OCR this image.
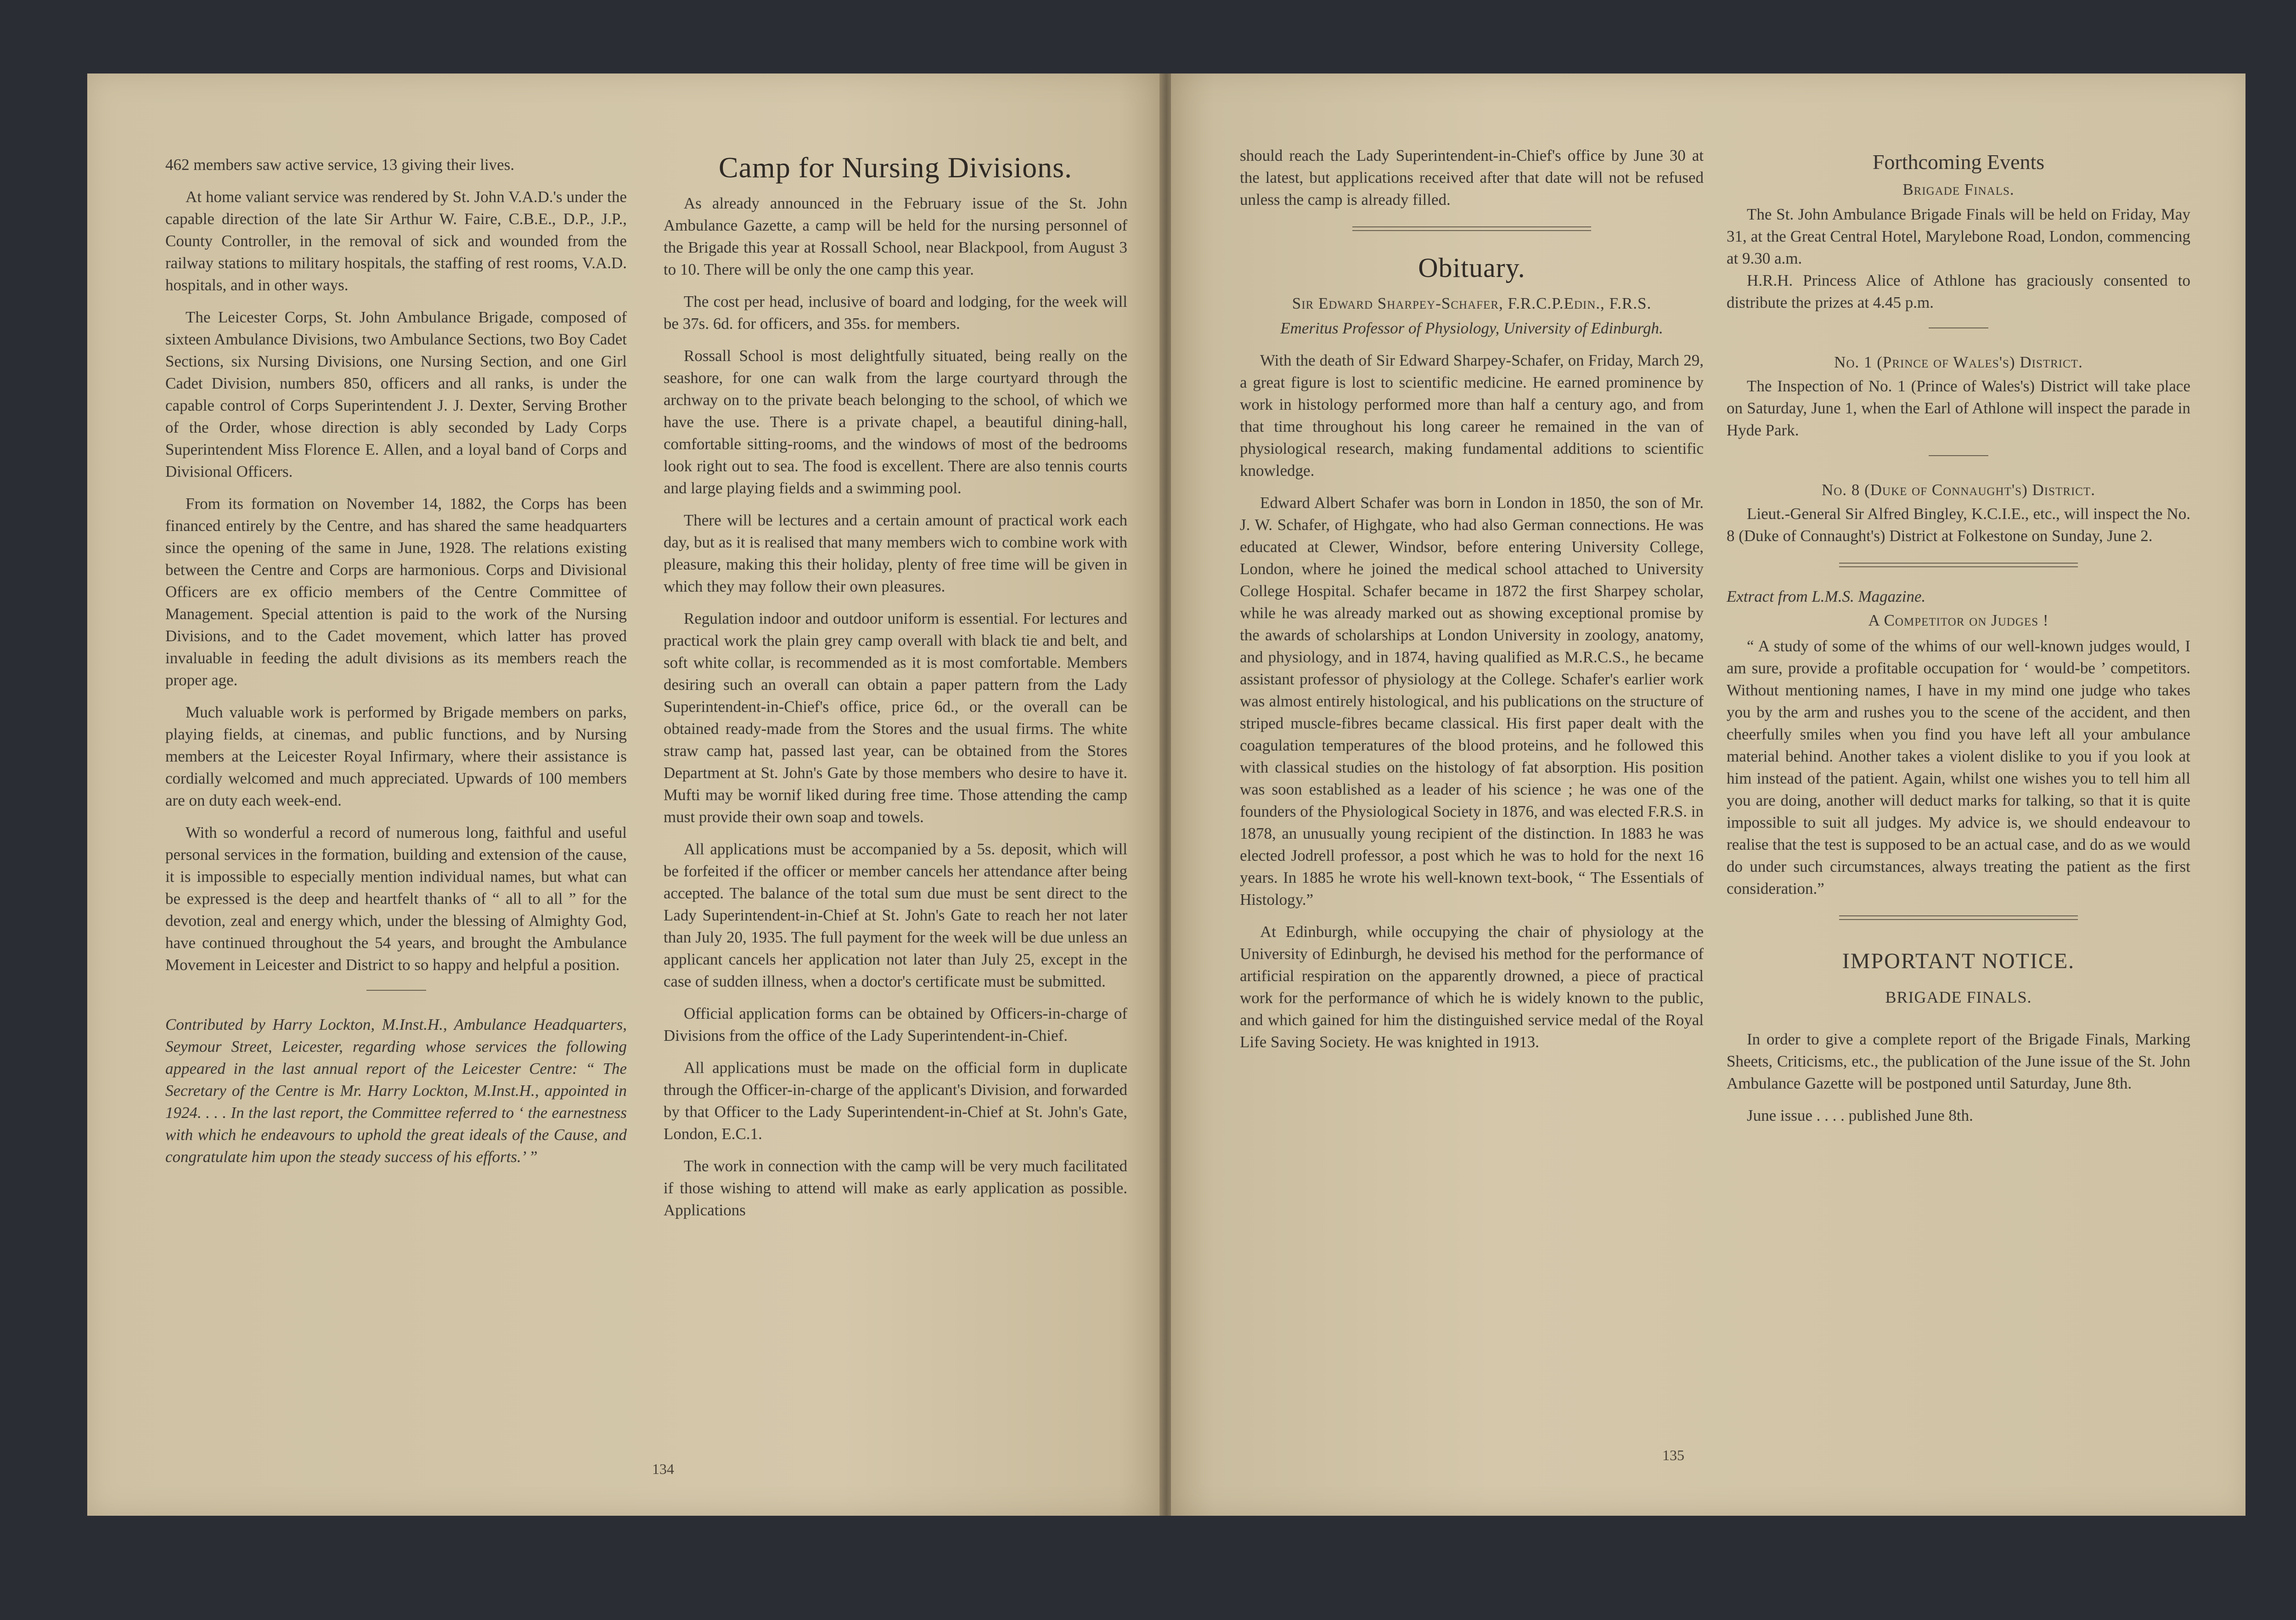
462 members saw active service, 13 giving their lives.

At home valiant service was rendered by St. John V.A.D.'s under the capable direction of the late Sir Arthur W. Faire, C.B.E., D.P., J.P., County Controller, in the removal of sick and wounded from the railway stations to military hospitals, the staffing of rest rooms, V.A.D. hospitals, and in other ways.

The Leicester Corps, St. John Ambulance Brigade, composed of sixteen Ambulance Divisions, two Ambulance Sections, two Boy Cadet Sections, six Nursing Divisions, one Nursing Section, and one Girl Cadet Division, numbers 850, officers and all ranks, is under the capable control of Corps Superintendent J. J. Dexter, Serving Brother of the Order, whose direction is ably seconded by Lady Corps Superintendent Miss Florence E. Allen, and a loyal band of Corps and Divisional Officers.

From its formation on November 14, 1882, the Corps has been financed entirely by the Centre, and has shared the same headquarters since the opening of the same in June, 1928. The relations existing between the Centre and Corps are harmonious. Corps and Divisional Officers are ex officio members of the Centre Committee of Management. Special attention is paid to the work of the Nursing Divisions, and to the Cadet movement, which latter has proved invaluable in feeding the adult divisions as its members reach the proper age.

Much valuable work is performed by Brigade members on parks, playing fields, at cinemas, and public functions, and by Nursing members at the Leicester Royal Infirmary, where their assistance is cordially welcomed and much appreciated. Upwards of 100 members are on duty each week-end.

With so wonderful a record of numerous long, faithful and useful personal services in the formation, building and extension of the cause, it is impossible to especially mention individual names, but what can be expressed is the deep and heartfelt thanks of “ all to all ” for the devotion, zeal and energy which, under the blessing of Almighty God, have continued throughout the 54 years, and brought the Ambulance Movement in Leicester and District to so happy and helpful a position.

Contributed by Harry Lockton, M.Inst.H., Ambulance Headquarters, Seymour Street, Leicester, regarding whose services the following appeared in the last annual report of the Leicester Centre: “ The Secretary of the Centre is Mr. Harry Lockton, M.Inst.H., appointed in 1924. . . . In the last report, the Committee referred to ‘ the earnestness with which he endeavours to uphold the great ideals of the Cause, and congratulate him upon the steady success of his efforts.’ ”

Camp for Nursing Divisions.

As already announced in the February issue of the St. John Ambulance Gazette, a camp will be held for the nursing personnel of the Brigade this year at Rossall School, near Blackpool, from August 3 to 10. There will be only the one camp this year.

The cost per head, inclusive of board and lodging, for the week will be 37s. 6d. for officers, and 35s. for members.

Rossall School is most delightfully situated, being really on the seashore, for one can walk from the large courtyard through the archway on to the private beach belonging to the school, of which we have the use. There is a private chapel, a beautiful dining-hall, comfortable sitting-rooms, and the windows of most of the bedrooms look right out to sea. The food is excellent. There are also tennis courts and large playing fields and a swimming pool.

There will be lectures and a certain amount of practical work each day, but as it is realised that many members wich to combine work with pleasure, making this their holiday, plenty of free time will be given in which they may follow their own pleasures.

Regulation indoor and outdoor uniform is essential. For lectures and practical work the plain grey camp overall with black tie and belt, and soft white collar, is recommended as it is most comfortable. Members desiring such an overall can obtain a paper pattern from the Lady Superintendent-in-Chief's office, price 6d., or the overall can be obtained ready-made from the Stores and the usual firms. The white straw camp hat, passed last year, can be obtained from the Stores Department at St. John's Gate by those members who desire to have it. Mufti may be wornif liked during free time. Those attending the camp must provide their own soap and towels.

All applications must be accompanied by a 5s. deposit, which will be forfeited if the officer or member cancels her attendance after being accepted. The balance of the total sum due must be sent direct to the Lady Superintendent-in-Chief at St. John's Gate to reach her not later than July 20, 1935. The full payment for the week will be due unless an applicant cancels her application not later than July 25, except in the case of sudden illness, when a doctor's certificate must be submitted.

Official application forms can be obtained by Officers-in-charge of Divisions from the office of the Lady Superintendent-in-Chief.

All applications must be made on the official form in duplicate through the Officer-in-charge of the applicant's Division, and forwarded by that Officer to the Lady Superintendent-in-Chief at St. John's Gate, London, E.C.1.

The work in connection with the camp will be very much facilitated if those wishing to attend will make as early application as possible. Applications

134

should reach the Lady Superintendent-in-Chief's office by June 30 at the latest, but applications received after that date will not be refused unless the camp is already filled.

Obituary.

Sir Edward Sharpey-Schafer, F.R.C.P.Edin., F.R.S.

Emeritus Professor of Physiology, University of Edinburgh.

With the death of Sir Edward Sharpey-Schafer, on Friday, March 29, a great figure is lost to scientific medicine. He earned prominence by work in histology performed more than half a century ago, and from that time throughout his long career he remained in the van of physiological research, making fundamental additions to scientific knowledge.

Edward Albert Schafer was born in London in 1850, the son of Mr. J. W. Schafer, of Highgate, who had also German connections. He was educated at Clewer, Windsor, before entering University College, London, where he joined the medical school attached to University College Hospital. Schafer became in 1872 the first Sharpey scholar, while he was already marked out as showing exceptional promise by the awards of scholarships at London University in zoology, anatomy, and physiology, and in 1874, having qualified as M.R.C.S., he became assistant professor of physiology at the College. Schafer's earlier work was almost entirely histological, and his publications on the structure of striped muscle-fibres became classical. His first paper dealt with the coagulation temperatures of the blood proteins, and he followed this with classical studies on the histology of fat absorption. His position was soon established as a leader of his science ; he was one of the founders of the Physiological Society in 1876, and was elected F.R.S. in 1878, an unusually young recipient of the distinction. In 1883 he was elected Jodrell professor, a post which he was to hold for the next 16 years. In 1885 he wrote his well-known text-book, “ The Essentials of Histology.”

At Edinburgh, while occupying the chair of physiology at the University of Edinburgh, he devised his method for the performance of artificial respiration on the apparently drowned, a piece of practical work for the performance of which he is widely known to the public, and which gained for him the distinguished service medal of the Royal Life Saving Society. He was knighted in 1913.

Forthcoming Events

Brigade Finals.

The St. John Ambulance Brigade Finals will be held on Friday, May 31, at the Great Central Hotel, Marylebone Road, London, commencing at 9.30 a.m.

H.R.H. Princess Alice of Athlone has graciously consented to distribute the prizes at 4.45 p.m.

No. 1 (Prince of Wales's) District.

The Inspection of No. 1 (Prince of Wales's) District will take place on Saturday, June 1, when the Earl of Athlone will inspect the parade in Hyde Park.

No. 8 (Duke of Connaught's) District.

Lieut.-General Sir Alfred Bingley, K.C.I.E., etc., will inspect the No. 8 (Duke of Connaught's) District at Folkestone on Sunday, June 2.

Extract from L.M.S. Magazine.

A Competitor on Judges !

“ A study of some of the whims of our well-known judges would, I am sure, provide a profitable occupation for ‘ would-be ’ competitors. Without mentioning names, I have in my mind one judge who takes you by the arm and rushes you to the scene of the accident, and then cheerfully smiles when you find you have left all your ambulance material behind. Another takes a violent dislike to you if you look at him instead of the patient. Again, whilst one wishes you to tell him all you are doing, another will deduct marks for talking, so that it is quite impossible to suit all judges. My advice is, we should endeavour to realise that the test is supposed to be an actual case, and do as we would do under such circumstances, always treating the patient as the first consideration.”

IMPORTANT NOTICE.
BRIGADE FINALS.

In order to give a complete report of the Brigade Finals, Marking Sheets, Criticisms, etc., the publication of the June issue of the St. John Ambulance Gazette will be postponed until Saturday, June 8th.

June issue . . . . published June 8th.

135
